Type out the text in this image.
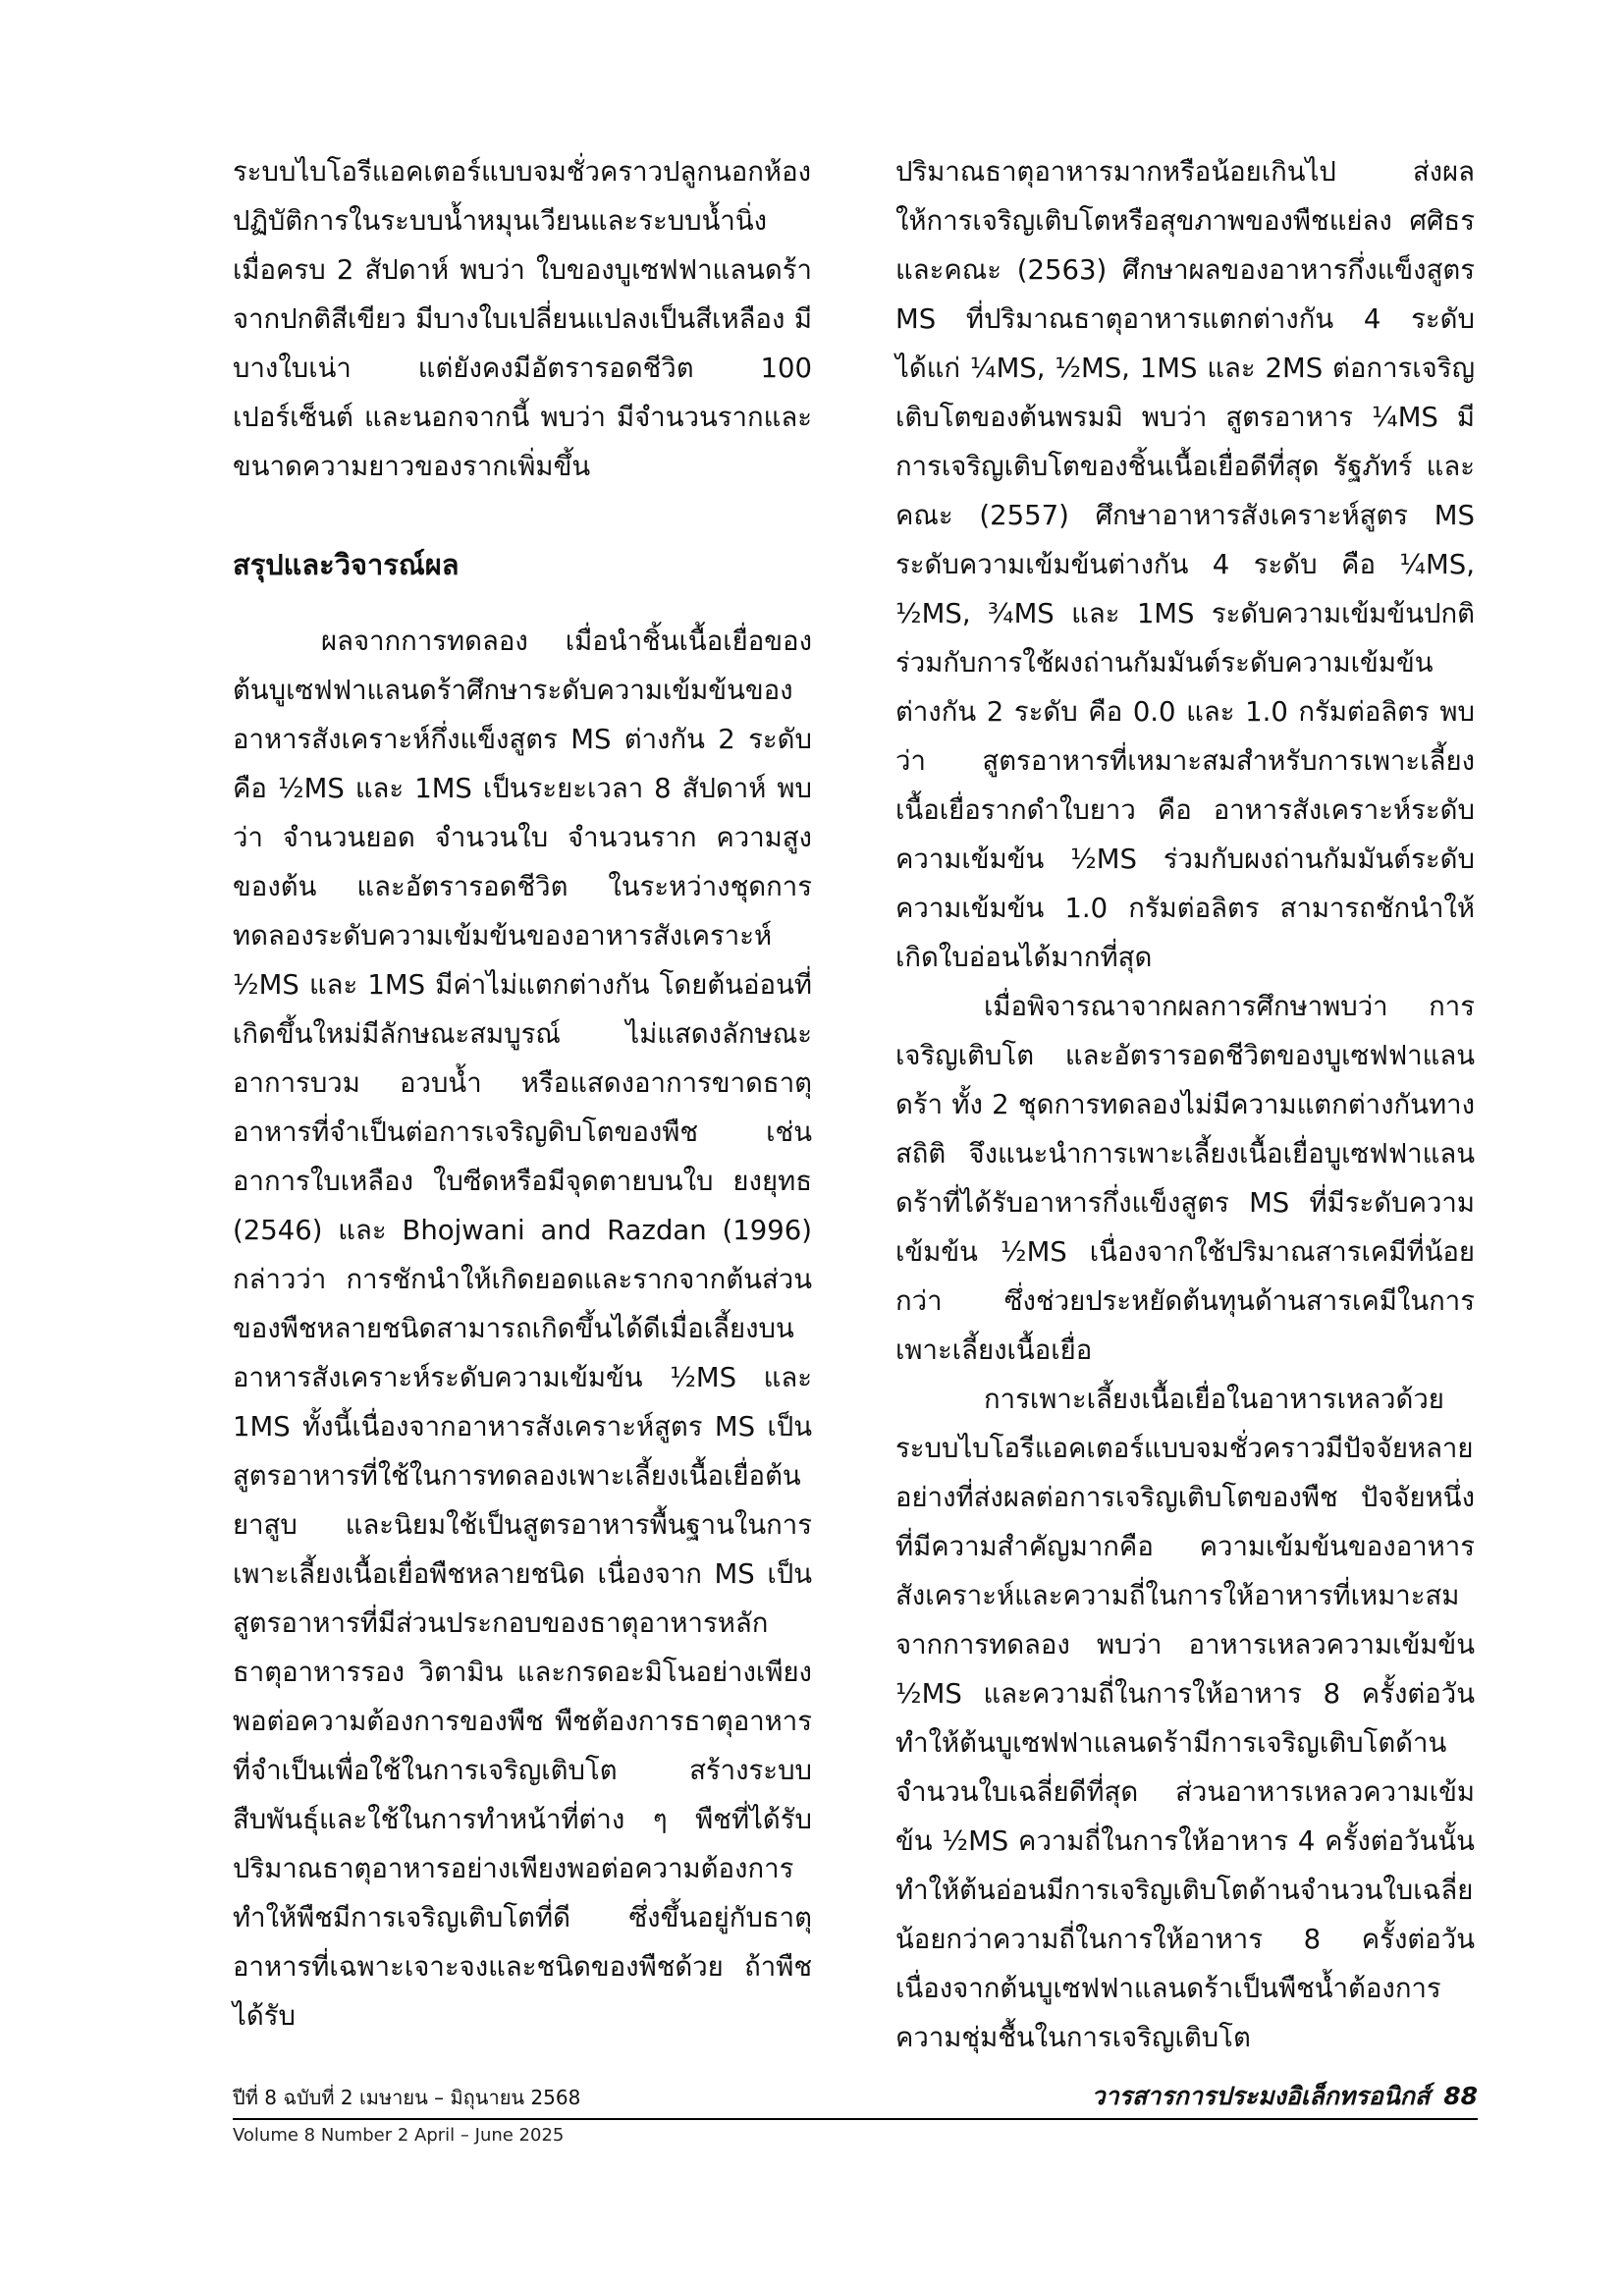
ระบบไบโอรีแอคเตอร์แบบจมชั่วคราวปลูกนอกห้องปฏิบัติการในระบบน้ำหมุนเวียนและระบบน้ำนิ่ง เมื่อครบ 2 สัปดาห์ พบว่า ใบของบูเซฟฟาแลนดร้าจากปกติสีเขียว มีบางใบเปลี่ยนแปลงเป็นสีเหลือง มีบางใบเน่า แต่ยังคงมีอัตรารอดชีวิต 100 เปอร์เซ็นต์ และนอกจากนี้ พบว่า มีจำนวนรากและขนาดความยาวของรากเพิ่มขึ้น

สรุปและวิจารณ์ผล

ผลจากการทดลอง เมื่อนำชิ้นเนื้อเยื่อของต้นบูเซฟฟาแลนดร้าศึกษาระดับความเข้มข้นของอาหารสังเคราะห์กึ่งแข็งสูตร MS ต่างกัน 2 ระดับ คือ ½MS และ 1MS เป็นระยะเวลา 8 สัปดาห์ พบว่า จำนวนยอด จำนวนใบ จำนวนราก ความสูงของต้น และอัตรารอดชีวิต ในระหว่างชุดการทดลองระดับความเข้มข้นของอาหารสังเคราะห์ ½MS และ 1MS มีค่าไม่แตกต่างกัน โดยต้นอ่อนที่เกิดขึ้นใหม่มีลักษณะสมบูรณ์ ไม่แสดงลักษณะอาการบวม อวบน้ำ หรือแสดงอาการขาดธาตุอาหารที่จำเป็นต่อการเจริญดิบโตของพืช เช่น อาการใบเหลือง ใบซีดหรือมีจุดตายบนใบ ยงยุทธ (2546) และ Bhojwani and Razdan (1996) กล่าวว่า การชักนำให้เกิดยอดและรากจากต้นส่วนของพืชหลายชนิดสามารถเกิดขึ้นได้ดีเมื่อเลี้ยงบนอาหารสังเคราะห์ระดับความเข้มข้น ½MS และ 1MS ทั้งนี้เนื่องจากอาหารสังเคราะห์สูตร MS เป็นสูตรอาหารที่ใช้ในการทดลองเพาะเลี้ยงเนื้อเยื่อต้นยาสูบ และนิยมใช้เป็นสูตรอาหารพื้นฐานในการเพาะเลี้ยงเนื้อเยื่อพืชหลายชนิด เนื่องจาก MS เป็นสูตรอาหารที่มีส่วนประกอบของธาตุอาหารหลัก ธาตุอาหารรอง วิตามิน และกรดอะมิโนอย่างเพียงพอต่อความต้องการของพืช พืชต้องการธาตุอาหารที่จำเป็นเพื่อใช้ในการเจริญเติบโต สร้างระบบสืบพันธุ์และใช้ในการทำหน้าที่ต่าง ๆ พืชที่ได้รับปริมาณธาตุอาหารอย่างเพียงพอต่อความต้องการทำให้พืชมีการเจริญเติบโตที่ดี ซึ่งขึ้นอยู่กับธาตุอาหารที่เฉพาะเจาะจงและชนิดของพืชด้วย ถ้าพืชได้รับ

ปริมาณธาตุอาหารมากหรือน้อยเกินไป ส่งผลให้การเจริญเติบโตหรือสุขภาพของพืชแย่ลง ศศิธร และคณะ (2563) ศึกษาผลของอาหารกึ่งแข็งสูตร MS ที่ปริมาณธาตุอาหารแตกต่างกัน 4 ระดับ ได้แก่ ¼MS, ½MS, 1MS และ 2MS ต่อการเจริญเติบโตของต้นพรมมิ พบว่า สูตรอาหาร ¼MS มีการเจริญเติบโตของชิ้นเนื้อเยื่อดีที่สุด รัฐภัทร์ และคณะ (2557) ศึกษาอาหารสังเคราะห์สูตร MS ระดับความเข้มข้นต่างกัน 4 ระดับ คือ ¼MS, ½MS, ¾MS และ 1MS ระดับความเข้มข้นปกติร่วมกับการใช้ผงถ่านกัมมันต์ระดับความเข้มข้นต่างกัน 2 ระดับ คือ 0.0 และ 1.0 กรัมต่อลิตร พบว่า สูตรอาหารที่เหมาะสมสำหรับการเพาะเลี้ยงเนื้อเยื่อรากดำใบยาว คือ อาหารสังเคราะห์ระดับความเข้มข้น ½MS ร่วมกับผงถ่านกัมมันต์ระดับความเข้มข้น 1.0 กรัมต่อลิตร สามารถชักนำให้เกิดใบอ่อนได้มากที่สุด

เมื่อพิจารณาจากผลการศึกษาพบว่า การเจริญเติบโต และอัตรารอดชีวิตของบูเซฟฟาแลนดร้า ทั้ง 2 ชุดการทดลองไม่มีความแตกต่างกันทางสถิติ จึงแนะนำการเพาะเลี้ยงเนื้อเยื่อบูเซฟฟาแลนดร้าที่ได้รับอาหารกึ่งแข็งสูตร MS ที่มีระดับความเข้มข้น ½MS เนื่องจากใช้ปริมาณสารเคมีที่น้อยกว่า ซึ่งช่วยประหยัดต้นทุนด้านสารเคมีในการเพาะเลี้ยงเนื้อเยื่อ

การเพาะเลี้ยงเนื้อเยื่อในอาหารเหลวด้วยระบบไบโอรีแอคเตอร์แบบจมชั่วคราวมีปัจจัยหลายอย่างที่ส่งผลต่อการเจริญเติบโตของพืช ปัจจัยหนึ่งที่มีความสำคัญมากคือ ความเข้มข้นของอาหารสังเคราะห์และความถี่ในการให้อาหารที่เหมาะสม จากการทดลอง พบว่า อาหารเหลวความเข้มข้น ½MS และความถี่ในการให้อาหาร 8 ครั้งต่อวัน ทำให้ต้นบูเซฟฟาแลนดร้ามีการเจริญเติบโตด้านจำนวนใบเฉลี่ยดีที่สุด ส่วนอาหารเหลวความเข้มข้น ½MS ความถี่ในการให้อาหาร 4 ครั้งต่อวันนั้น ทำให้ต้นอ่อนมีการเจริญเติบโตด้านจำนวนใบเฉลี่ยน้อยกว่าความถี่ในการให้อาหาร 8 ครั้งต่อวัน เนื่องจากต้นบูเซฟฟาแลนดร้าเป็นพืชน้ำต้องการความชุ่มชื้นในการเจริญเติบโต

ปีที่ 8 ฉบับที่ 2 เมษายน – มิถุนายน 2568
Volume 8 Number 2 April – June 2025
วารสารการประมงอิเล็กทรอนิกส์ 88
